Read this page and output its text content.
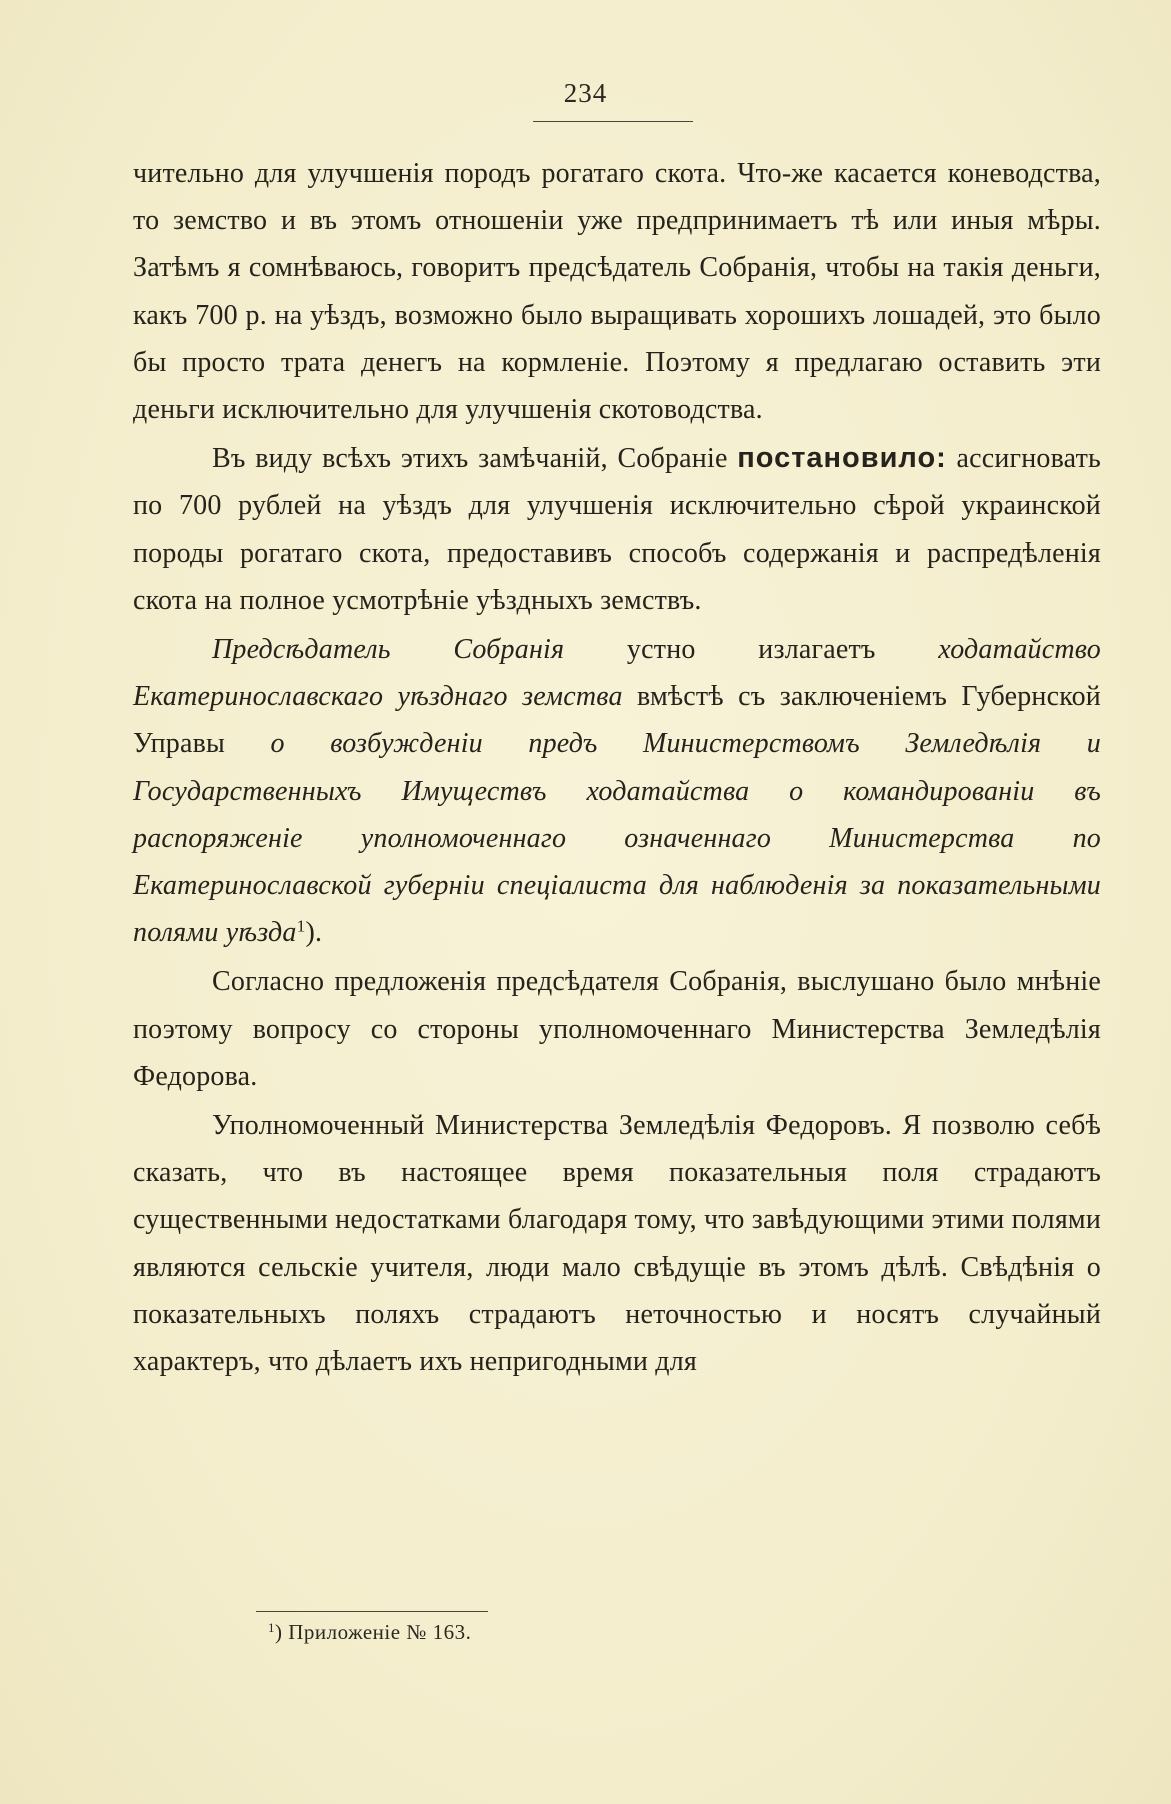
234

чительно для улучшенія породъ рогатаго скота. Что-же касается коневодства, то земство и въ этомъ отношеніи уже предпринимаетъ тѣ или иныя мѣры. Затѣмъ я сомнѣваюсь, говоритъ предсѣдатель Собранія, чтобы на такія деньги, какъ 700 р. на уѣздъ, возможно было выращивать хорошихъ лошадей, это было бы просто трата денегъ на кормленіе. Поэтому я предлагаю оставить эти деньги исключительно для улучшенія скотоводства.

Въ виду всѣхъ этихъ замѣчаній, Собраніе постановило: ассигновать по 700 рублей на уѣздъ для улучшенія исключительно сѣрой украинской породы рогатаго скота, предоставивъ способъ содержанія и распредѣленія скота на полное усмотрѣніе уѣздныхъ земствъ.

Предсѣдатель Собранія устно излагаетъ ходатайство Екатеринославскаго уѣзднаго земства вмѣстѣ съ заключеніемъ Губернской Управы о возбужденіи предъ Министерствомъ Земледѣлія и Государственныхъ Имуществъ ходатайства о командированіи въ распоряженіе уполномоченнаго означеннаго Министерства по Екатеринославской губерніи спеціалиста для наблюденія за показательными полями уѣзда$^1$).

Согласно предложенія предсѣдателя Собранія, выслушано было мнѣніе поэтому вопросу со стороны уполномоченнаго Министерства Земледѣлія Федорова.

Уполномоченный Министерства Земледѣлія Федоровъ. Я позволю себѣ сказать, что въ настоящее время показательныя поля страдаютъ существенными недостатками благодаря тому, что завѣдующими этими полями являются сельскіе учителя, люди мало свѣдущіе въ этомъ дѣлѣ. Свѣдѣнія о показательныхъ поляхъ страдаютъ неточностью и носятъ случайный характеръ, что дѣлаетъ ихъ непригодными для

$^1$) Приложеніе № 163.
